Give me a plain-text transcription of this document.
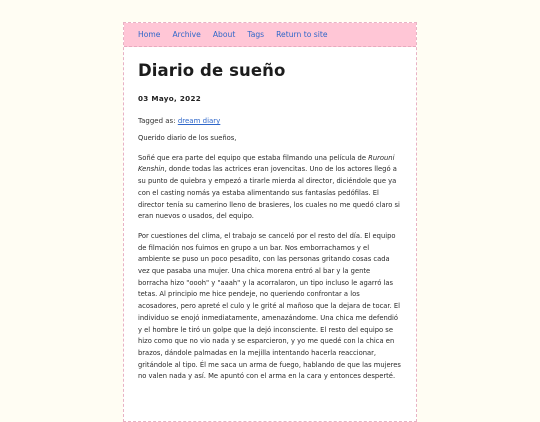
Home Archive About Tags Return to site
Diario de sueño
03 Mayo, 2022
Tagged as: dream diary

Querido diario de los sueños,

Soñé que era parte del equipo que estaba filmando una película de Rurouni Kenshin, donde todas las actrices eran jovencitas. Uno de los actores llegó a su punto de quiebra y empezó a tirarle mierda al director, diciéndole que ya con el casting nomás ya estaba alimentando sus fantasías pedófilas. El director tenía su camerino lleno de brasieres, los cuales no me quedó claro si eran nuevos o usados, del equipo.

Por cuestiones del clima, el trabajo se canceló por el resto del día. El equipo de filmación nos fuimos en grupo a un bar. Nos emborrachamos y el ambiente se puso un poco pesadito, con las personas gritando cosas cada vez que pasaba una mujer. Una chica morena entró al bar y la gente borracha hizo "oooh" y "aaah" y la acorralaron, un tipo incluso le agarró las tetas. Al principio me hice pendeje, no queriendo confrontar a los acosadores, pero apreté el culo y le grité al mañoso que la dejara de tocar. El individuo se enojó inmediatamente, amenazándome. Una chica me defendió y el hombre le tiró un golpe que la dejó inconsciente. El resto del equipo se hizo como que no vio nada y se esparcieron, y yo me quedé con la chica en brazos, dándole palmadas en la mejilla intentando hacerla reaccionar, gritándole al tipo. Él me saca un arma de fuego, hablando de que las mujeres no valen nada y así. Me apuntó con el arma en la cara y entonces desperté.
